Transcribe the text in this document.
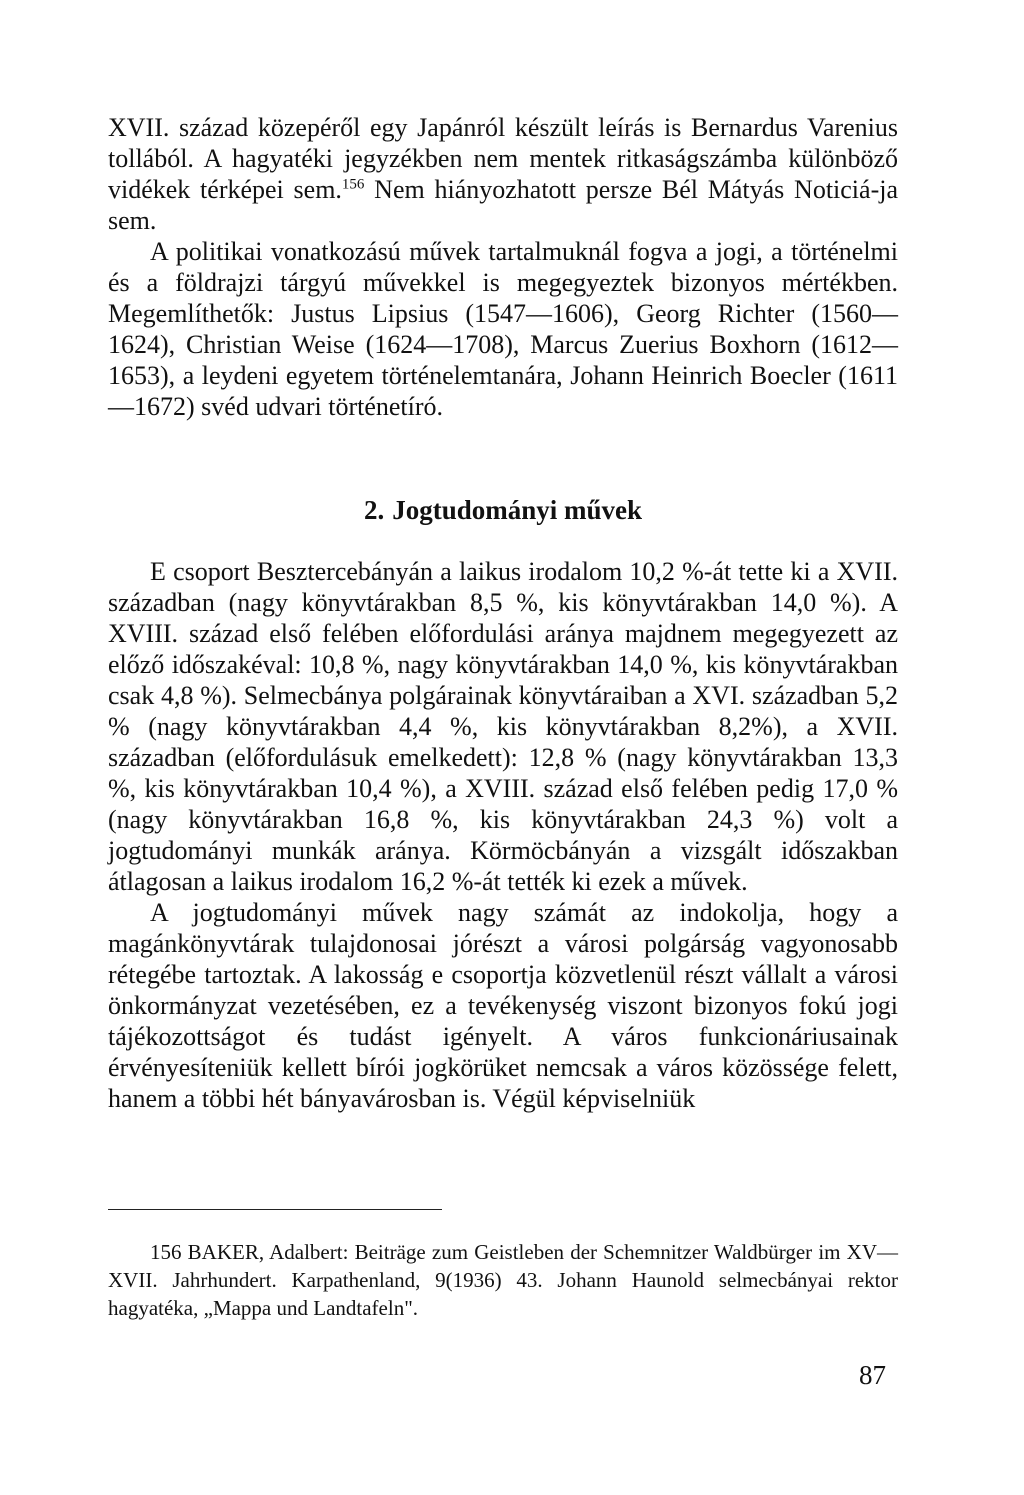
XVII. század közepéről egy Japánról készült leírás is Bernardus Varenius tollából. A hagyatéki jegyzékben nem mentek ritkaságszámba különböző vidékek térképei sem.$^{156}$ Nem hiányozhatott persze Bél Mátyás Noticiá-ja sem.

A politikai vonatkozású művek tartalmuknál fogva a jogi, a történelmi és a földrajzi tárgyú művekkel is megegyeztek bizonyos mértékben. Megemlíthetők: Justus Lipsius (1547—1606), Georg Richter (1560—1624), Christian Weise (1624—1708), Marcus Zuerius Boxhorn (1612—1653), a leydeni egyetem történelemtanára, Johann Heinrich Boecler (1611—1672) svéd udvari történetíró.

2. Jogtudományi művek

E csoport Besztercebányán a laikus irodalom 10,2 %-át tette ki a XVII. században (nagy könyvtárakban 8,5 %, kis könyvtárakban 14,0 %). A XVIII. század első felében előfordulási aránya majdnem megegyezett az előző időszakéval: 10,8 %, nagy könyvtárakban 14,0 %, kis könyvtárakban csak 4,8 %). Selmecbánya polgárainak könyvtáraiban a XVI. században 5,2 % (nagy könyvtárakban 4,4 %, kis könyvtárakban 8,2%), a XVII. században (előfordulásuk emelkedett): 12,8 % (nagy könyvtárakban 13,3 %, kis könyvtárakban 10,4 %), a XVIII. század első felében pedig 17,0 % (nagy könyvtárakban 16,8 %, kis könyvtárakban 24,3 %) volt a jogtudományi munkák aránya. Körmöcbányán a vizsgált időszakban átlagosan a laikus irodalom 16,2 %-át tették ki ezek a művek.

A jogtudományi művek nagy számát az indokolja, hogy a magánkönyvtárak tulajdonosai jórészt a városi polgárság vagyonosabb rétegébe tartoztak. A lakosság e csoportja közvetlenül részt vállalt a városi önkormányzat vezetésében, ez a tevékenység viszont bizonyos fokú jogi tájékozottságot és tudást igényelt. A város funkcionáriusainak érvényesíteniük kellett bírói jogkörüket nemcsak a város közössége felett, hanem a többi hét bányavárosban is. Végül képviselniük

156 BAKER, Adalbert: Beiträge zum Geistleben der Schemnitzer Waldbürger im XV—XVII. Jahrhundert. Karpathenland, 9(1936) 43. Johann Haunold selmecbányai rektor hagyatéka, „Mappa und Landtafeln".

87
